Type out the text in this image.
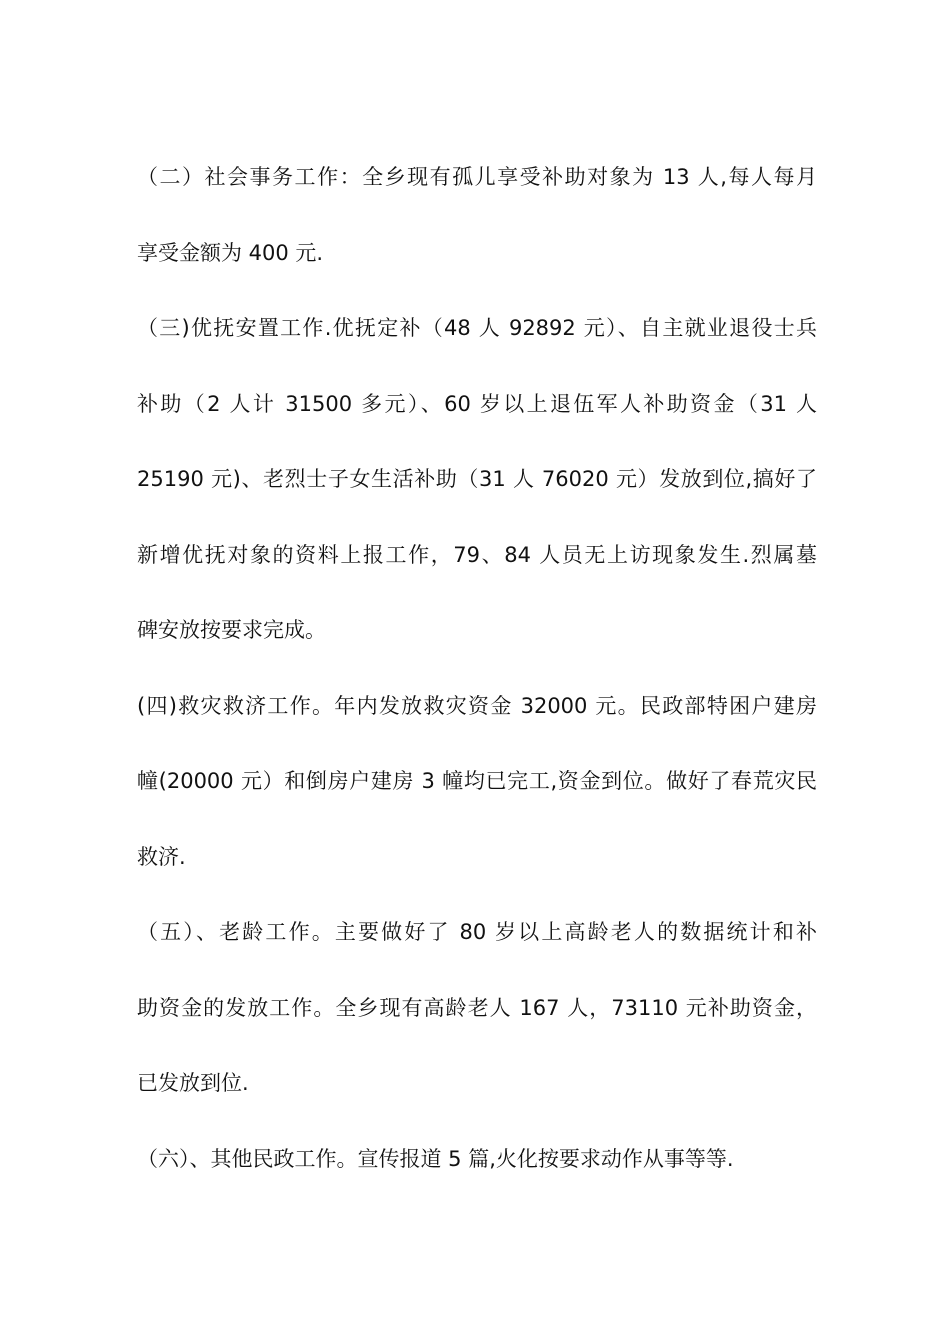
（二）社会事务工作：全乡现有孤儿享受补助对象为 13 人,每人每月
享受金额为 400 元.
（三)优抚安置工作.优抚定补（48 人 92892 元）、自主就业退役士兵
补助（2 人计 31500 多元）、60 岁以上退伍军人补助资金（31 人
25190 元)、老烈士子女生活补助（31 人 76020 元）发放到位,搞好了
新增优抚对象的资料上报工作，79、84 人员无上访现象发生.烈属墓
碑安放按要求完成。
(四)救灾救济工作。年内发放救灾资金 32000 元。民政部特困户建房
幢(20000 元）和倒房户建房 3 幢均已完工,资金到位。做好了春荒灾民
救济.
（五）、老龄工作。主要做好了 80 岁以上高龄老人的数据统计和补
助资金的发放工作。全乡现有高龄老人 167 人，73110 元补助资金，
已发放到位.
（六）、其他民政工作。宣传报道 5 篇,火化按要求动作从事等等.
